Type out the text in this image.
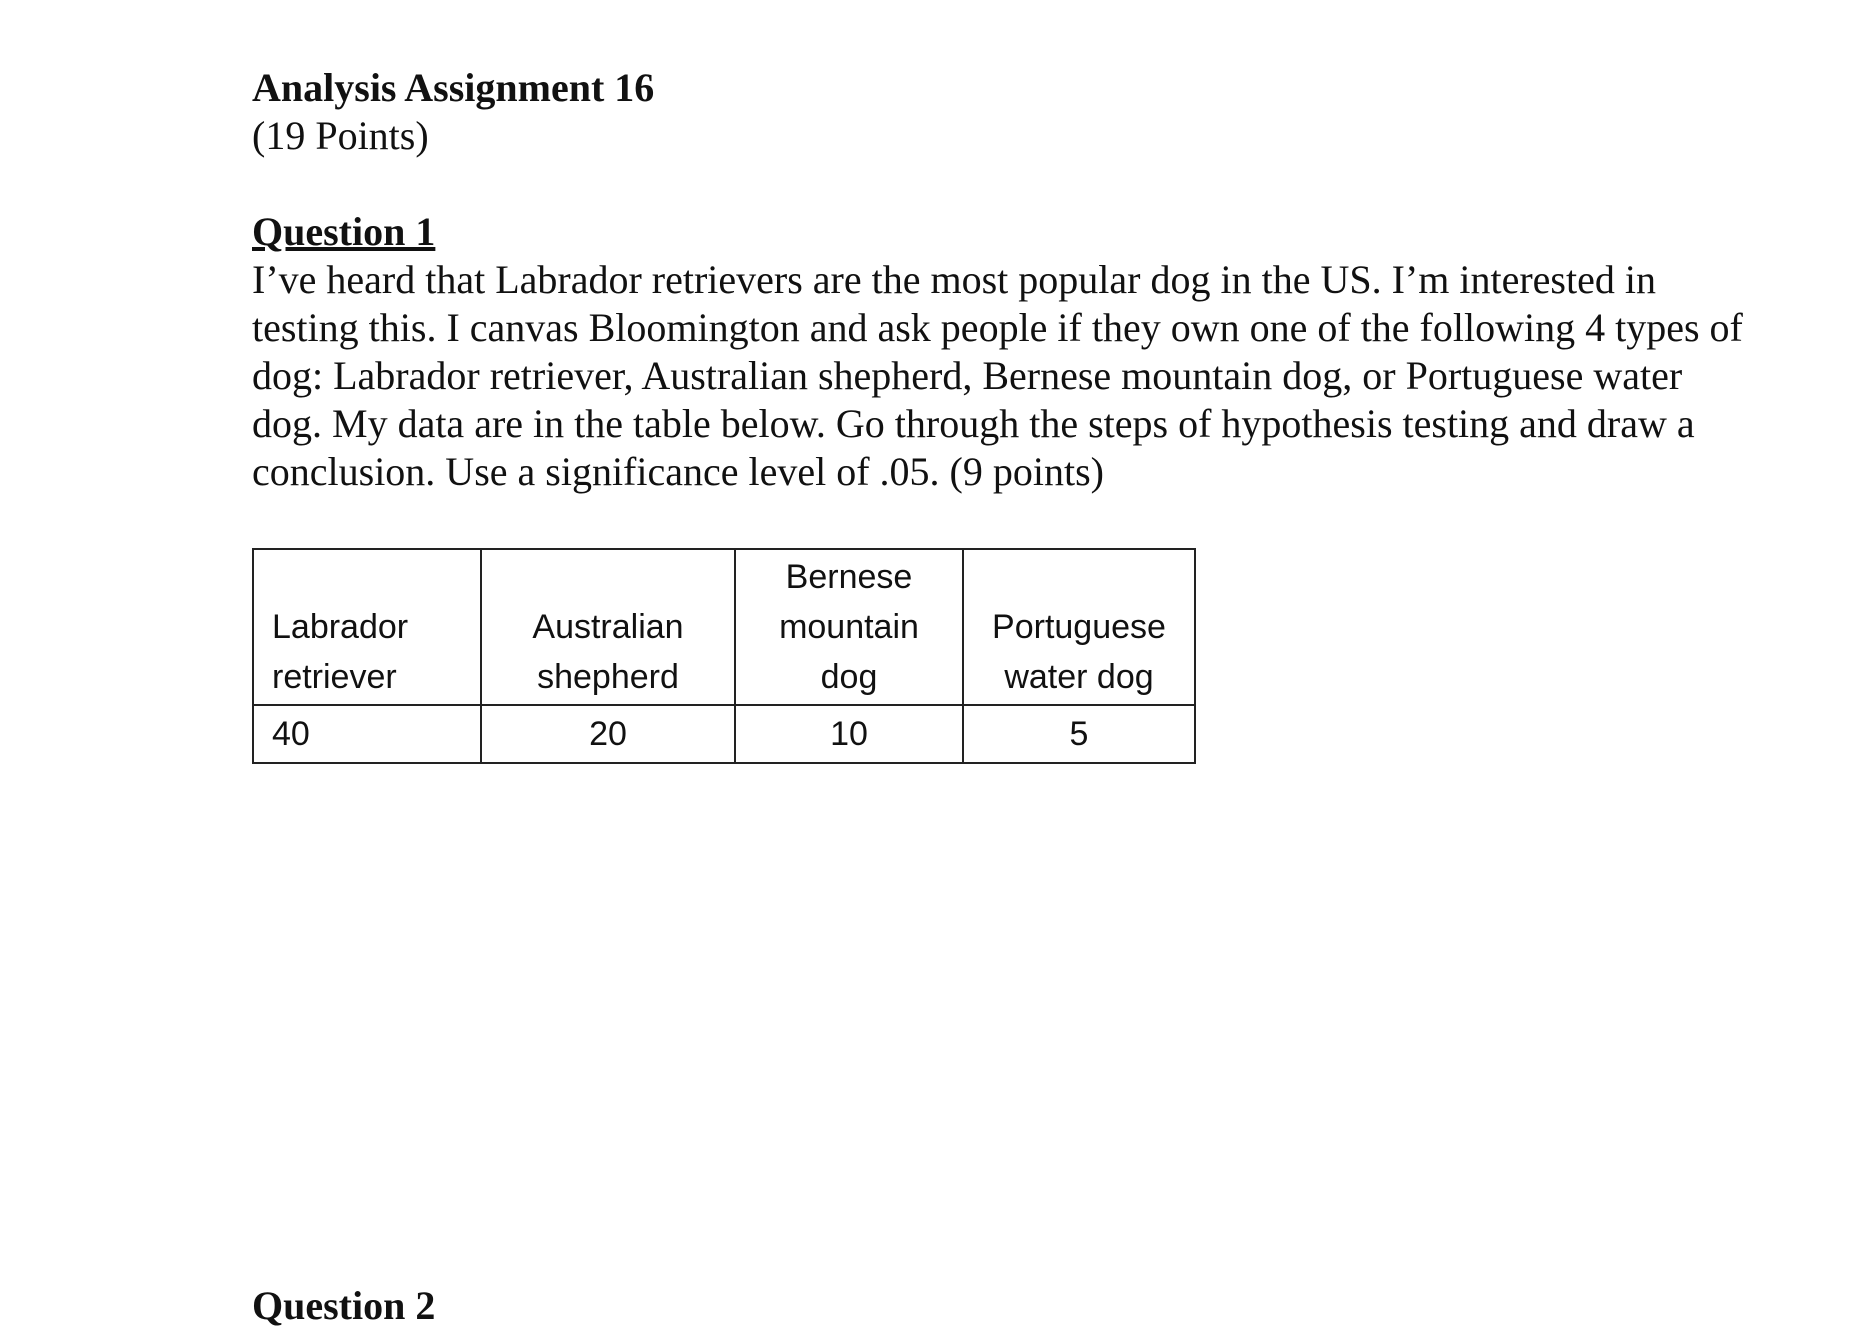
Analysis Assignment 16

(19 Points)

Question 1

I’ve heard that Labrador retrievers are the most popular dog in the US. I’m interested in testing this. I canvas Bloomington and ask people if they own one of the following 4 types of dog: Labrador retriever, Australian shepherd, Bernese mountain dog, or Portuguese water dog. My data are in the table below. Go through the steps of hypothesis testing and draw a conclusion. Use a significance level of .05. (9 points)

Labrador retriever	Australian shepherd	Bernese mountain dog	Portuguese water dog
40	20	10	5

Question 2
